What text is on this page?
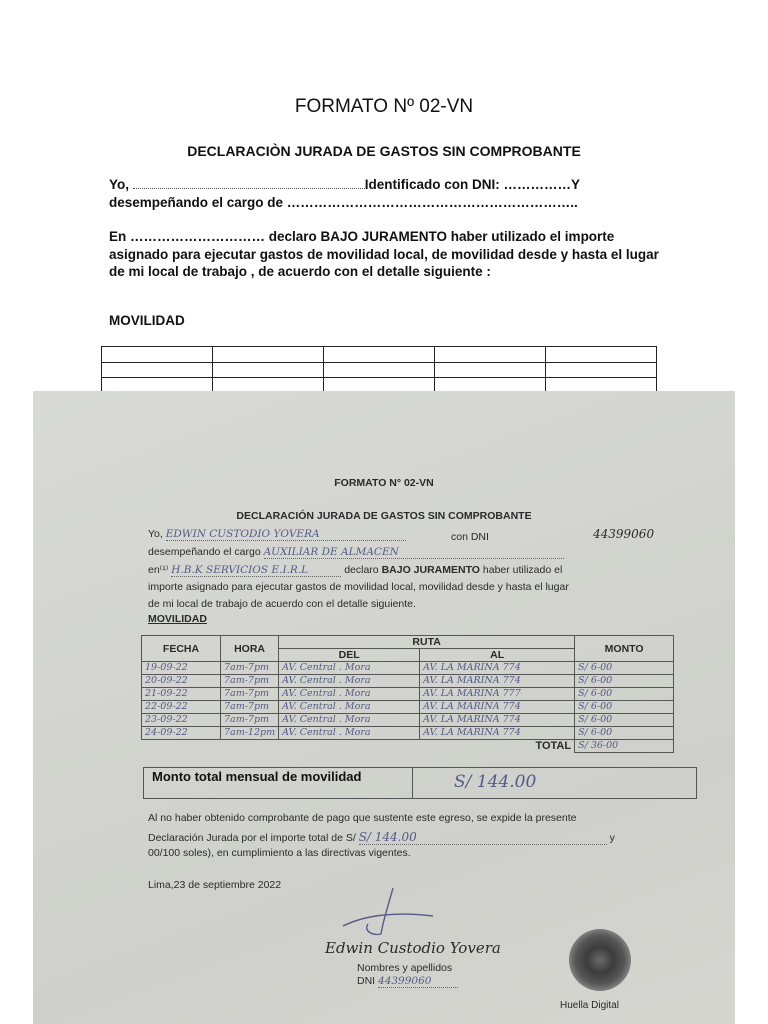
FORMATO Nº 02-VN
DECLARACIÒN JURADA DE GASTOS SIN COMPROBANTE
Yo,	Identificado con DNI: ……………Y
desempeñando el cargo de ………………………………………………………..
En ………………………… declaro BAJO JURAMENTO haber utilizado el importe asignado para ejecutar gastos de movilidad local, de movilidad desde y hasta el lugar de mi local de trabajo , de acuerdo con el detalle siguiente :
MOVILIDAD

FORMATO N° 02-VN
DECLARACIÓN JURADA DE GASTOS SIN COMPROBANTE
Yo, EDWIN CUSTODIO YOVERA	con DNI	44399060
desempeñando el cargo AUXILIAR DE ALMACEN
en⁽¹⁾ H.B.K SERVICIOS E.I.R.L	declaro BAJO JURAMENTO haber utilizado el
importe asignado para ejecutar gastos de movilidad local, movilidad desde y hasta el lugar
de mi local de trabajo de acuerdo con el detalle siguiente.
MOVILIDAD
FECHA	HORA	RUTA		MONTO
		DEL	AL	
19-09-22	7am-7pm	AV. Central . Mora	AV. LA MARINA 774	S/ 6-00
20-09-22	7am-7pm	AV. Central . Mora	AV. LA MARINA 774	S/ 6-00
21-09-22	7am-7pm	AV. Central . Mora	AV. LA MARINA 777	S/ 6-00
22-09-22	7am-7pm	AV. Central . Mora	AV. LA MARINA 774	S/ 6-00
23-09-22	7am-7pm	AV. Central . Mora	AV. LA MARINA 774	S/ 6-00
24-09-22	7am-12pm	AV. Central . Mora	AV. LA MARINA 774	S/ 6-00
TOTAL				S/ 36-00
Monto total mensual de movilidad	S/ 144.00
Al no haber obtenido comprobante de pago que sustente este egreso, se expide la presente
Declaración Jurada por el importe total de S/ S/ 144.00	y
00/100 soles), en cumplimiento a las directivas vigentes.
Lima,23 de septiembre 2022
Edwin Custodio Yovera
Nombres y apellidos
DNI 44399060
Huella Digital
